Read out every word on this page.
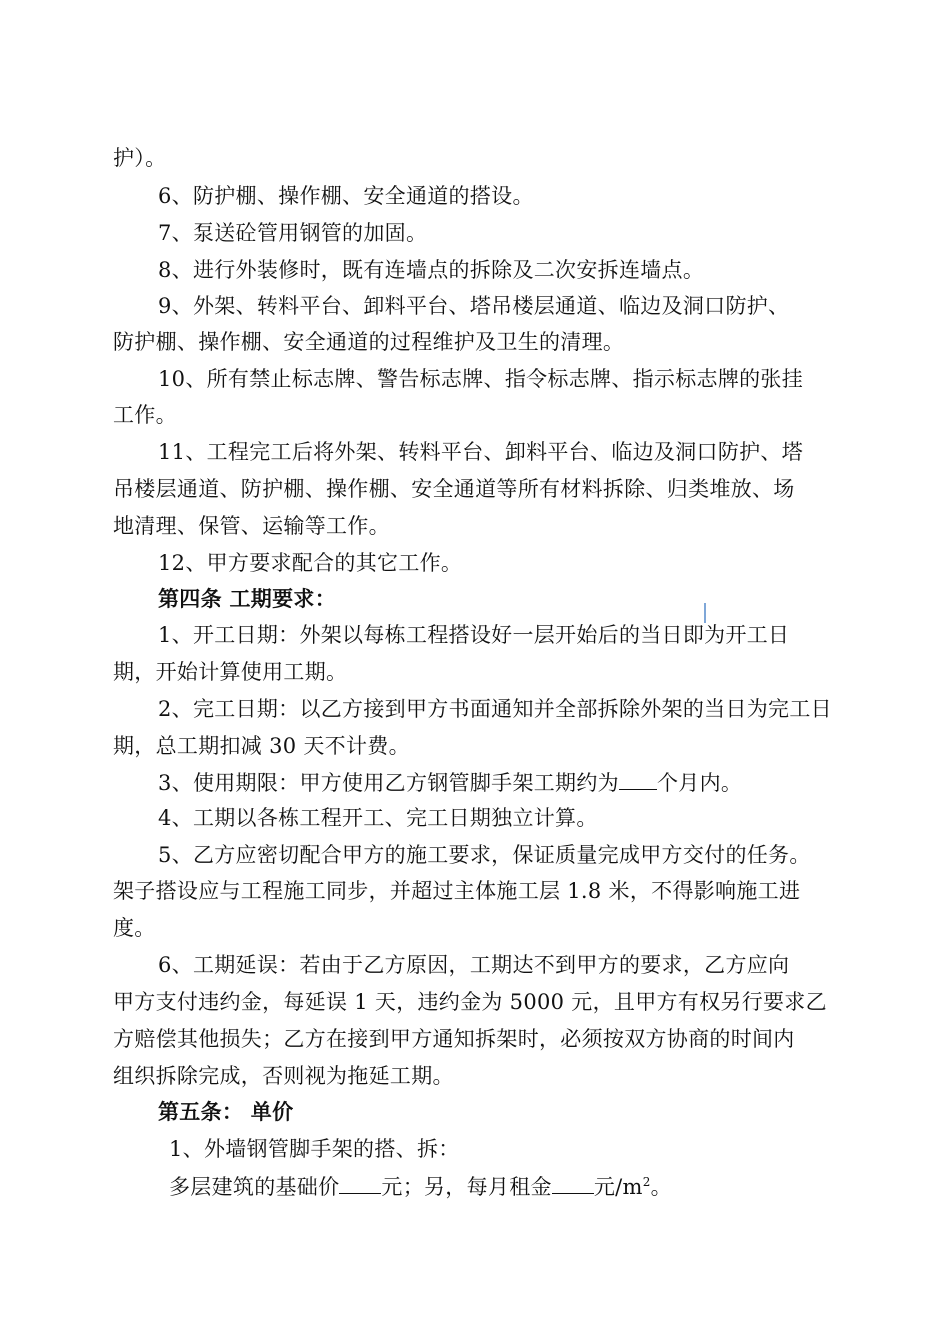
护）。
6、防护棚、操作棚、安全通道的搭设。
7、泵送砼管用钢管的加固。
8、进行外装修时，既有连墙点的拆除及二次安拆连墙点。
9、外架、转料平台、卸料平台、塔吊楼层通道、临边及洞口防护、
防护棚、操作棚、安全通道的过程维护及卫生的清理。
10、所有禁止标志牌、警告标志牌、指令标志牌、指示标志牌的张挂
工作。
11、工程完工后将外架、转料平台、卸料平台、临边及洞口防护、塔
吊楼层通道、防护棚、操作棚、安全通道等所有材料拆除、归类堆放、场
地清理、保管、运输等工作。
12、甲方要求配合的其它工作。
第四条 工期要求：
1、开工日期：外架以每栋工程搭设好一层开始后的当日即为开工日
期，开始计算使用工期。
2、完工日期：以乙方接到甲方书面通知并全部拆除外架的当日为完工日
期，总工期扣减 30 天不计费。
3、使用期限：甲方使用乙方钢管脚手架工期约为 个月内。
4、工期以各栋工程开工、完工日期独立计算。
5、乙方应密切配合甲方的施工要求，保证质量完成甲方交付的任务。
架子搭设应与工程施工同步，并超过主体施工层 1.8 米，不得影响施工进
度。
6、工期延误：若由于乙方原因，工期达不到甲方的要求，乙方应向
甲方支付违约金，每延误 1 天，违约金为 5000 元，且甲方有权另行要求乙
方赔偿其他损失；乙方在接到甲方通知拆架时，必须按双方协商的时间内
组织拆除完成，否则视为拖延工期。
第五条： 单价
1、外墙钢管脚手架的搭、拆：
多层建筑的基础价 元；另，每月租金 元$/m^2$。
